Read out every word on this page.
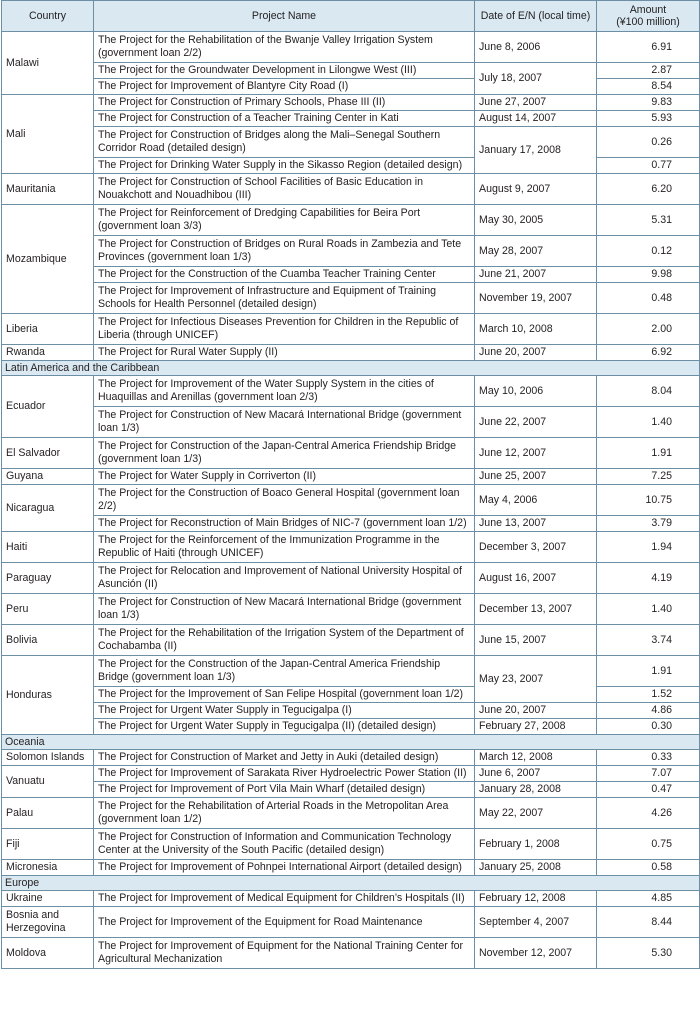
Country	Project Name	Date of E/N (local time)	Amount
(¥100 million)
Malawi	The Project for the Rehabilitation of the Bwanje Valley Irrigation System (government loan 2/2)	June 8, 2006	6.91
	The Project for the Groundwater Development in Lilongwe West (III)	July 18, 2007	2.87
	The Project for Improvement of Blantyre City Road (I)		8.54
Mali	The Project for Construction of Primary Schools, Phase III (II)	June 27, 2007	9.83
	The Project for Construction of a Teacher Training Center in Kati	August 14, 2007	5.93
	The Project for Construction of Bridges along the Mali–Senegal Southern Corridor Road (detailed design)	January 17, 2008	0.26
	The Project for Drinking Water Supply in the Sikasso Region (detailed design)		0.77
Mauritania	The Project for Construction of School Facilities of Basic Education in Nouakchott and Nouadhibou (III)	August 9, 2007	6.20
Mozambique	The Project for Reinforcement of Dredging Capabilities for Beira Port (government loan 3/3)	May 30, 2005	5.31
	The Project for Construction of Bridges on Rural Roads in Zambezia and Tete Provinces (government loan 1/3)	May 28, 2007	0.12
	The Project for the Construction of the Cuamba Teacher Training Center	June 21, 2007	9.98
	The Project for Improvement of Infrastructure and Equipment of Training Schools for Health Personnel (detailed design)	November 19, 2007	0.48
Liberia	The Project for Infectious Diseases Prevention for Children in the Republic of Liberia (through UNICEF)	March 10, 2008	2.00
Rwanda	The Project for Rural Water Supply (II)	June 20, 2007	6.92
Latin America and the Caribbean			
Ecuador	The Project for Improvement of the Water Supply System in the cities of Huaquillas and Arenillas (government loan 2/3)	May 10, 2006	8.04
	The Project for Construction of New Macará International Bridge (government loan 1/3)	June 22, 2007	1.40
El Salvador	The Project for Construction of the Japan-Central America Friendship Bridge (government loan 1/3)	June 12, 2007	1.91
Guyana	The Project for Water Supply in Corriverton (II)	June 25, 2007	7.25
Nicaragua	The Project for the Construction of Boaco General Hospital (government loan 2/2)	May 4, 2006	10.75
	The Project for Reconstruction of Main Bridges of NIC-7 (government loan 1/2)	June 13, 2007	3.79
Haiti	The Project for the Reinforcement of the Immunization Programme in the Republic of Haiti (through UNICEF)	December 3, 2007	1.94
Paraguay	The Project for Relocation and Improvement of National University Hospital of Asunción (II)	August 16, 2007	4.19
Peru	The Project for Construction of New Macará International Bridge (government loan 1/3)	December 13, 2007	1.40
Bolivia	The Project for the Rehabilitation of the Irrigation System of the Department of Cochabamba (II)	June 15, 2007	3.74
Honduras	The Project for the Construction of the Japan-Central America Friendship Bridge (government loan 1/3)	May 23, 2007	1.91
	The Project for the Improvement of San Felipe Hospital (government loan 1/2)		1.52
	The Project for Urgent Water Supply in Tegucigalpa (I)	June 20, 2007	4.86
	The Project for Urgent Water Supply in Tegucigalpa (II) (detailed design)	February 27, 2008	0.30
Oceania			
Solomon Islands	The Project for Construction of Market and Jetty in Auki (detailed design)	March 12, 2008	0.33
Vanuatu	The Project for Improvement of Sarakata River Hydroelectric Power Station (II)	June 6, 2007	7.07
	The Project for Improvement of Port Vila Main Wharf (detailed design)	January 28, 2008	0.47
Palau	The Project for the Rehabilitation of Arterial Roads in the Metropolitan Area (government loan 1/2)	May 22, 2007	4.26
Fiji	The Project for Construction of Information and Communication Technology Center at the University of the South Pacific (detailed design)	February 1, 2008	0.75
Micronesia	The Project for Improvement of Pohnpei International Airport (detailed design)	January 25, 2008	0.58
Europe			
Ukraine	The Project for Improvement of Medical Equipment for Children’s Hospitals (II)	February 12, 2008	4.85
Bosnia and Herzegovina	The Project for Improvement of the Equipment for Road Maintenance	September 4, 2007	8.44
Moldova	The Project for Improvement of Equipment for the National Training Center for Agricultural Mechanization	November 12, 2007	5.30
